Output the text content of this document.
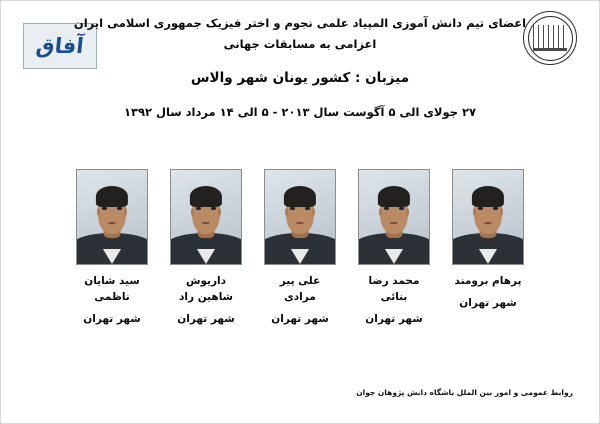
آفاق
اعضای تیم دانش آموزی المپیاد علمی نجوم و اختر فیزیک جمهوری اسلامی ایران
اعزامی به مسابقات جهانی
میزبان : کشور یونان شهر والاس
۲۷ جولای الی ۵ آگوست سال ۲۰۱۳ - ۵ الی ۱۴ مرداد سال ۱۳۹۲
سید شایان ناظمی
شهر تهران
داریوش شاهین راد
شهر تهران
علی پیر مرادی
شهر تهران
محمد رضا بنائی
شهر تهران
پرهام برومند
شهر تهران
روابط عمومی و امور بین الملل باشگاه دانش پژوهان جوان
